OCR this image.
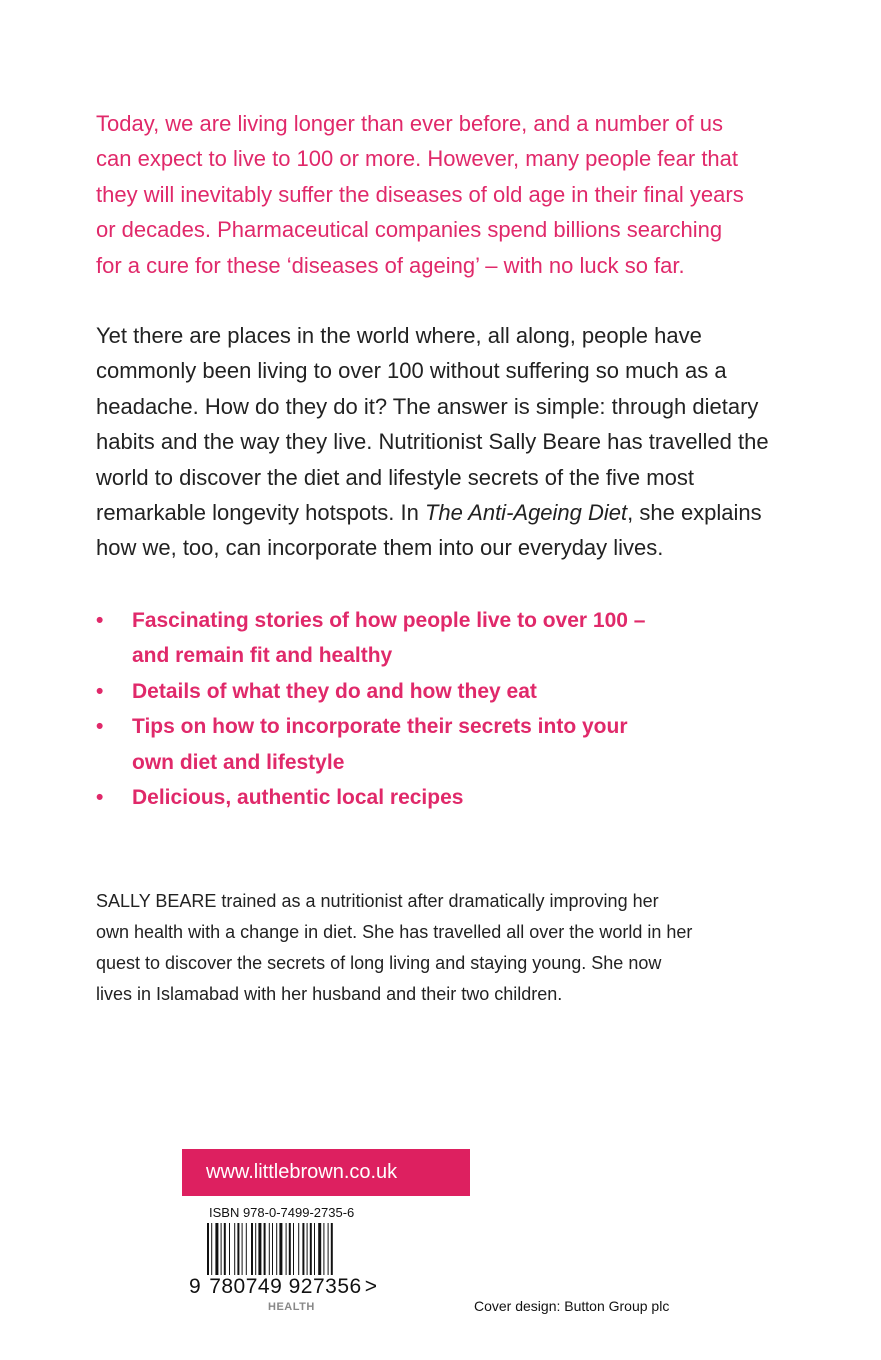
Today, we are living longer than ever before, and a number of us
can expect to live to 100 or more. However, many people fear that
they will inevitably suffer the diseases of old age in their final years
or decades. Pharmaceutical companies spend billions searching
for a cure for these ‘diseases of ageing’ – with no luck so far.
Yet there are places in the world where, all along, people have
commonly been living to over 100 without suffering so much as a
headache. How do they do it? The answer is simple: through dietary
habits and the way they live. Nutritionist Sally Beare has travelled the
world to discover the diet and lifestyle secrets of the five most
remarkable longevity hotspots. In The Anti-Ageing Diet, she explains
how we, too, can incorporate them into our everyday lives.
• Fascinating stories of how people live to over 100 –
and remain fit and healthy
• Details of what they do and how they eat
• Tips on how to incorporate their secrets into your
own diet and lifestyle
• Delicious, authentic local recipes
SALLY BEARE trained as a nutritionist after dramatically improving her
own health with a change in diet. She has travelled all over the world in her
quest to discover the secrets of long living and staying young. She now
lives in Islamabad with her husband and their two children.
www.littlebrown.co.uk
ISBN 978-0-7499-2735-6
9 780749 927356 >
HEALTH	Cover design: Button Group plc
